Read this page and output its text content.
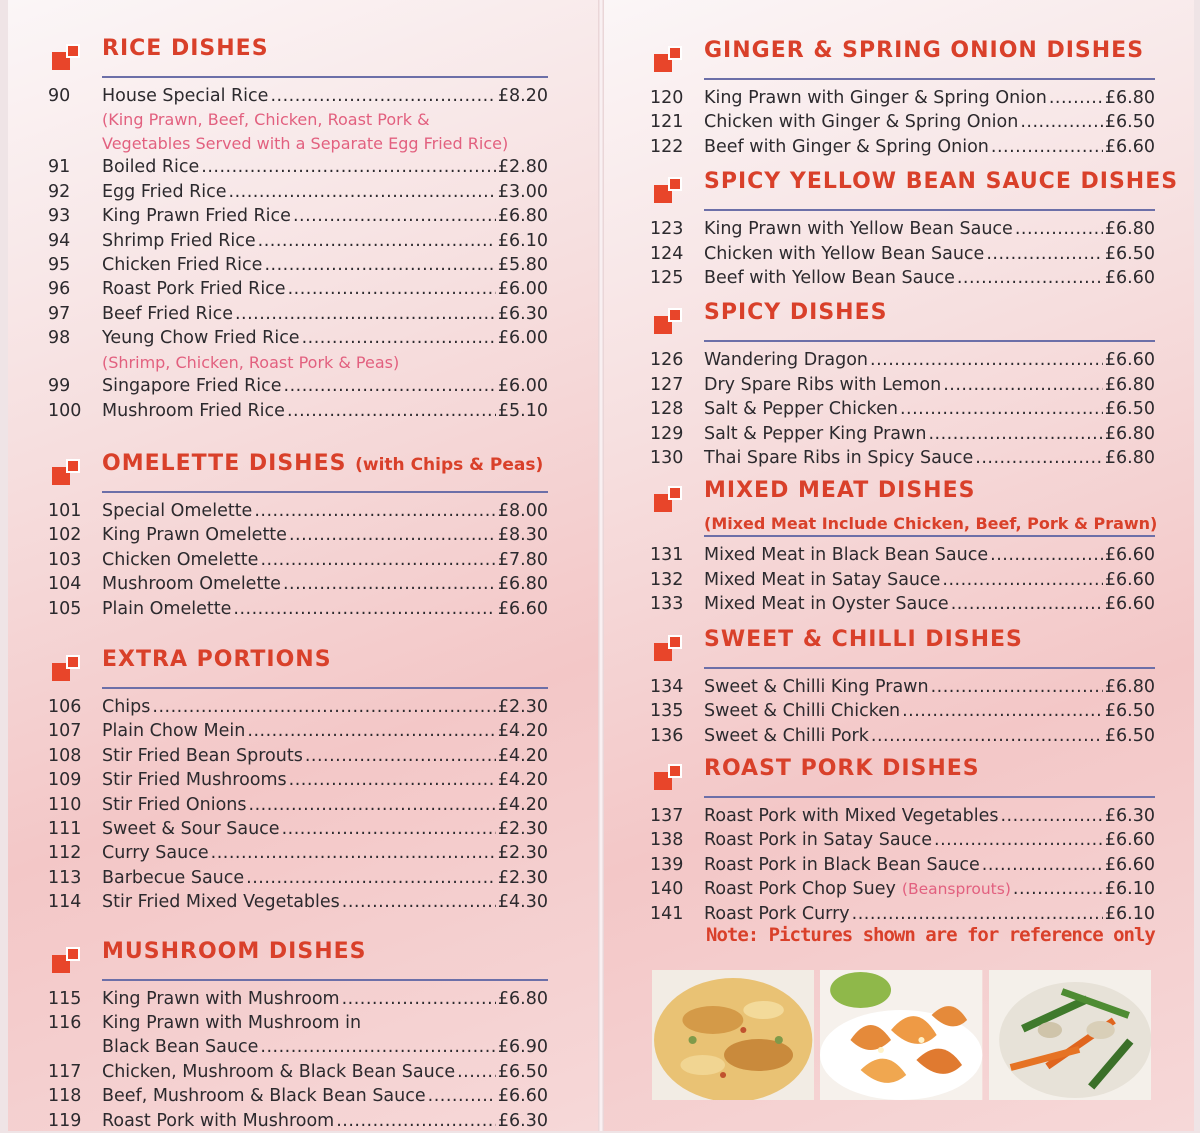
RICE DISHES
90	House Special Rice .....	£8.20
(King Prawn, Beef, Chicken, Roast Pork &
Vegetables Served with a Separate Egg Fried Rice)
91	Boiled Rice .....	£2.80
92	Egg Fried Rice .....	£3.00
93	King Prawn Fried Rice .....	£6.80
94	Shrimp Fried Rice .....	£6.10
95	Chicken Fried Rice .....	£5.80
96	Roast Pork Fried Rice .....	£6.00
97	Beef Fried Rice .....	£6.30
98	Yeung Chow Fried Rice .....	£6.00
(Shrimp, Chicken, Roast Pork & Peas)
99	Singapore Fried Rice .....	£6.00
100	Mushroom Fried Rice .....	£5.10
OMELETTE DISHES (with Chips & Peas)
101	Special Omelette .....	£8.00
102	King Prawn Omelette .....	£8.30
103	Chicken Omelette .....	£7.80
104	Mushroom Omelette .....	£6.80
105	Plain Omelette .....	£6.60
EXTRA PORTIONS
106	Chips .....	£2.30
107	Plain Chow Mein .....	£4.20
108	Stir Fried Bean Sprouts .....	£4.20
109	Stir Fried Mushrooms .....	£4.20
110	Stir Fried Onions .....	£4.20
111	Sweet & Sour Sauce .....	£2.30
112	Curry Sauce .....	£2.30
113	Barbecue Sauce .....	£2.30
114	Stir Fried Mixed Vegetables .....	£4.30
MUSHROOM DISHES
115	King Prawn with Mushroom .....	£6.80
116	King Prawn with Mushroom in
Black Bean Sauce .....	£6.90
117	Chicken, Mushroom & Black Bean Sauce ..... £6.50
118	Beef, Mushroom & Black Bean Sauce .....	£6.60
119	Roast Pork with Mushroom .....	£6.30
GINGER & SPRING ONION DISHES
120	King Prawn with Ginger & Spring Onion .....	£6.80
121	Chicken with Ginger & Spring Onion .....	£6.50
122	Beef with Ginger & Spring Onion .....	£6.60
SPICY YELLOW BEAN SAUCE DISHES
123	King Prawn with Yellow Bean Sauce .....	£6.80
124	Chicken with Yellow Bean Sauce .....	£6.50
125	Beef with Yellow Bean Sauce .....	£6.60
SPICY DISHES
126	Wandering Dragon .....	£6.60
127	Dry Spare Ribs with Lemon .....	£6.80
128	Salt & Pepper Chicken .....	£6.50
129	Salt & Pepper King Prawn .....	£6.80
130	Thai Spare Ribs in Spicy Sauce .....	£6.80
MIXED MEAT DISHES
(Mixed Meat Include Chicken, Beef, Pork & Prawn)
131	Mixed Meat in Black Bean Sauce .....	£6.60
132	Mixed Meat in Satay Sauce .....	£6.60
133	Mixed Meat in Oyster Sauce .....	£6.60
SWEET & CHILLI DISHES
134	Sweet & Chilli King Prawn .....	£6.80
135	Sweet & Chilli Chicken .....	£6.50
136	Sweet & Chilli Pork .....	£6.50
ROAST PORK DISHES
137	Roast Pork with Mixed Vegetables .....	£6.30
138	Roast Pork in Satay Sauce .....	£6.60
139	Roast Pork in Black Bean Sauce .....	£6.60
140	Roast Pork Chop Suey (Beansprouts) .....	£6.10
141	Roast Pork Curry .....	£6.10
Note: Pictures shown are for reference only
